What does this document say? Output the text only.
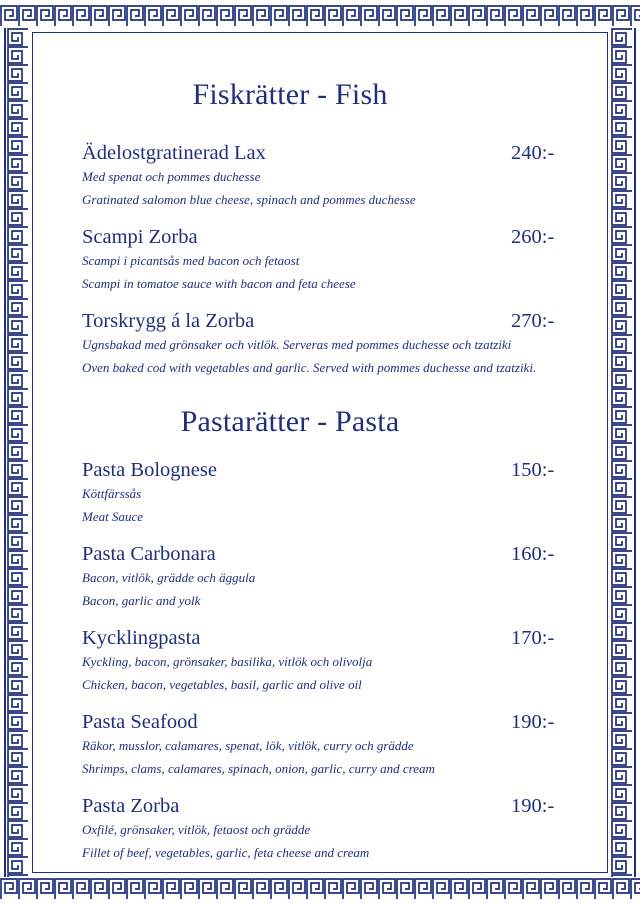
Fiskrätter - Fish
Ädelostgratinerad Lax	240:-
Med spenat och pommes duchesse
Gratinated salomon blue cheese, spinach and pommes duchesse
Scampi Zorba	260:-
Scampi i picantsås med bacon och fetaost
Scampi in tomatoe sauce with bacon and feta cheese
Torskrygg á la Zorba	270:-
Ugnsbakad med grönsaker och vitlök. Serveras med pommes duchesse och tzatziki
Oven baked cod with vegetables and garlic. Served with pommes duchesse and tzatziki.
Pastarätter - Pasta
Pasta Bolognese	150:-
Köttfärssås
Meat Sauce
Pasta Carbonara	160:-
Bacon, vitlök, grädde och äggula
Bacon, garlic and yolk
Kycklingpasta	170:-
Kyckling, bacon, grönsaker, basilika, vitlök och olivolja
Chicken, bacon, vegetables, basil, garlic and olive oil
Pasta Seafood	190:-
Räkor, musslor, calamares, spenat, lök, vitlök, curry och grädde
Shrimps, clams, calamares, spinach, onion, garlic, curry and cream
Pasta Zorba	190:-
Oxfilé, grönsaker, vitlök, fetaost och grädde
Fillet of beef, vegetables, garlic, feta cheese and cream
